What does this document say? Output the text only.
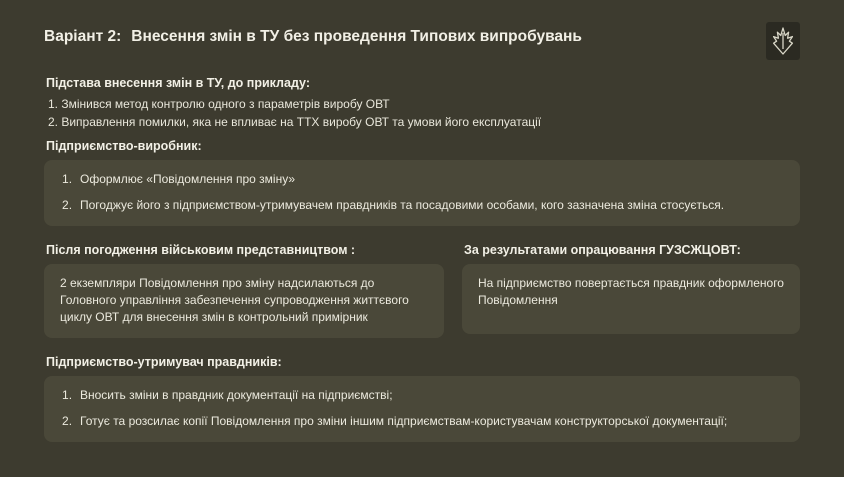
Варіант 2: Внесення змін в ТУ без проведення Типових випробувань
Підстава внесення змін в ТУ, до прикладу:
1. Змінився метод контролю одного з параметрів виробу ОВТ
2. Виправлення помилки, яка не впливає на ТТХ виробу ОВТ та умови його експлуатації
Підприємство-виробник:
Оформлює «Повідомлення про зміну»
Погоджує його з підприємством-утримувачем правдників та посадовими особами, кого зазначена зміна стосується.
Після погодження військовим представництвом :

2 екземпляри Повідомлення про зміну надсилаються до Головного управління забезпечення супроводження життєвого циклу ОВТ для внесення змін в контрольний примірник

За результатами опрацювання ГУЗСЖЦОВТ:

На підприємство повертається правдник оформленого Повідомлення

Підприємство-утримувач правдників:
Вносить зміни в правдник документації на підприємстві;
Готує та розсилає копії Повідомлення про зміни іншим підприємствам-користувачам конструкторської документації;
